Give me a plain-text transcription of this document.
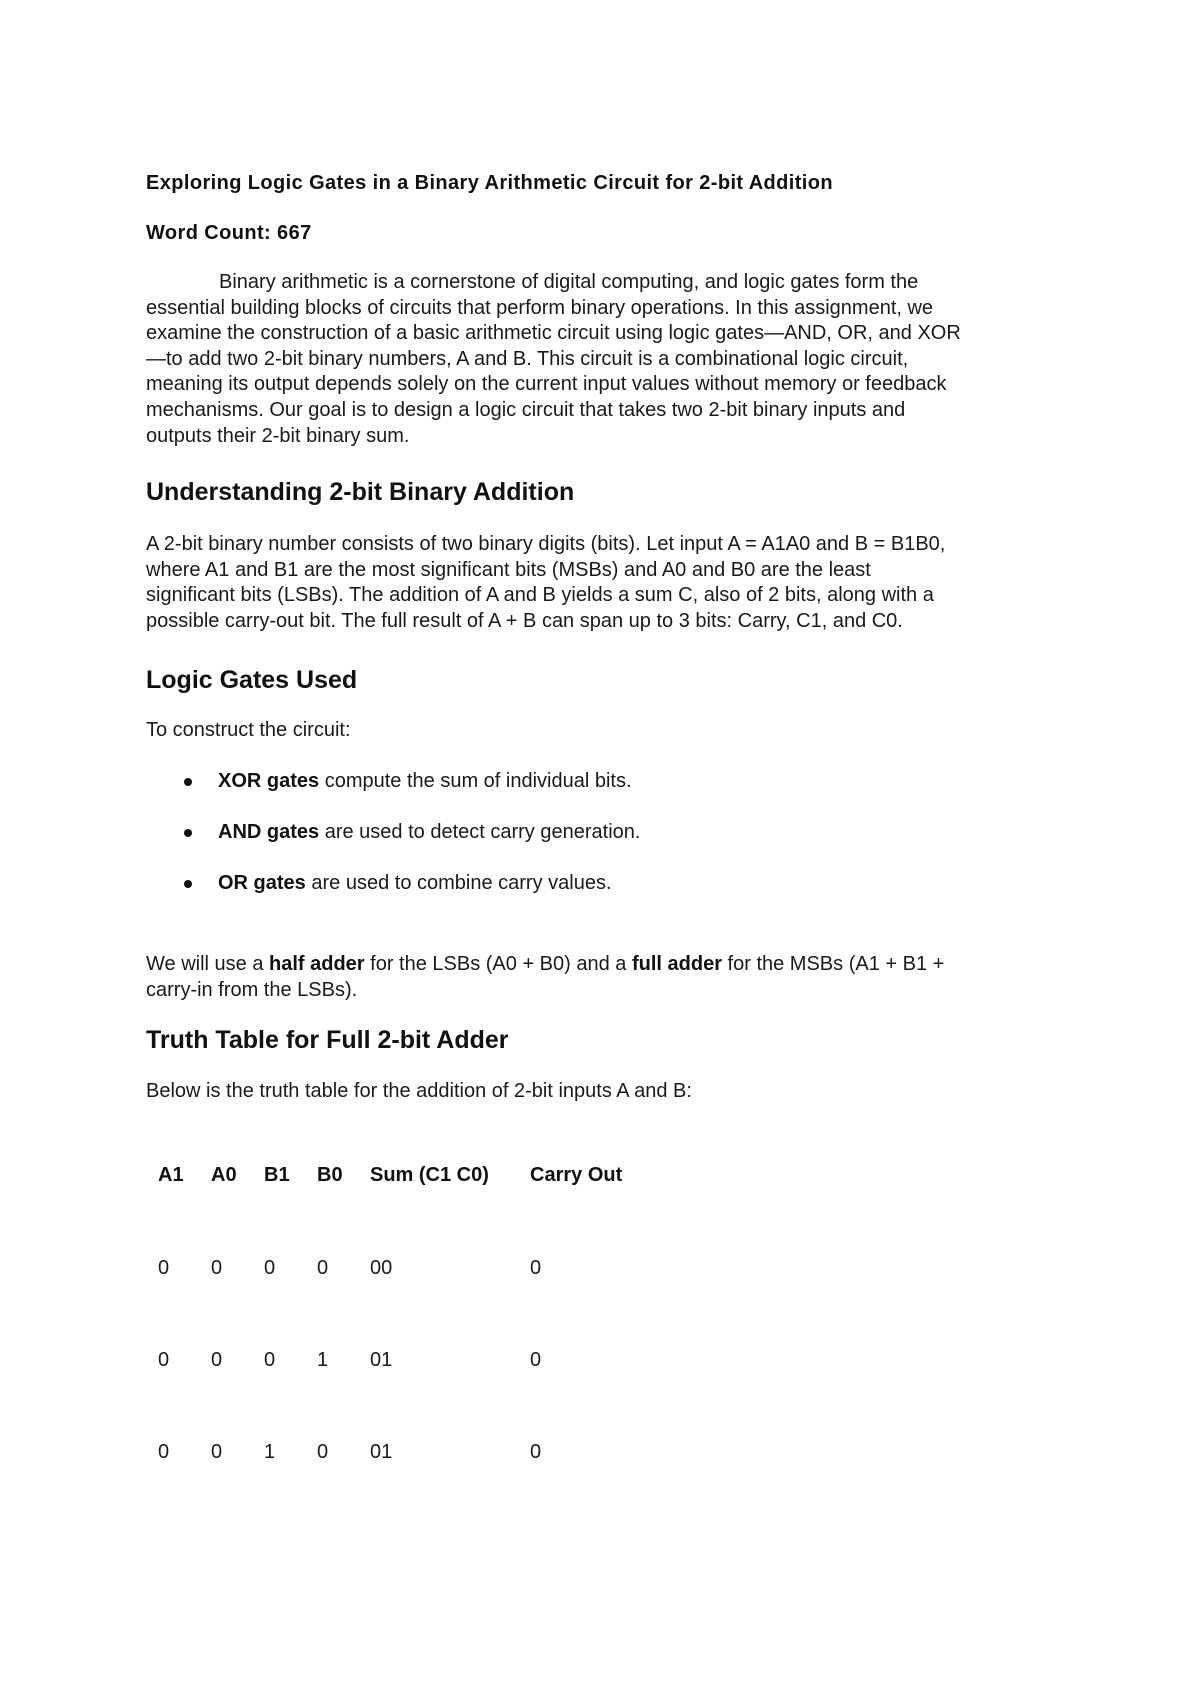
Exploring Logic Gates in a Binary Arithmetic Circuit for 2-bit Addition
Word Count: 667
Binary arithmetic is a cornerstone of digital computing, and logic gates form the
essential building blocks of circuits that perform binary operations. In this assignment, we
examine the construction of a basic arithmetic circuit using logic gates—AND, OR, and XOR
—to add two 2-bit binary numbers, A and B. This circuit is a combinational logic circuit,
meaning its output depends solely on the current input values without memory or feedback
mechanisms. Our goal is to design a logic circuit that takes two 2-bit binary inputs and
outputs their 2-bit binary sum.
Understanding 2-bit Binary Addition
A 2-bit binary number consists of two binary digits (bits). Let input A = A1A0 and B = B1B0,
where A1 and B1 are the most significant bits (MSBs) and A0 and B0 are the least
significant bits (LSBs). The addition of A and B yields a sum C, also of 2 bits, along with a
possible carry-out bit. The full result of A + B can span up to 3 bits: Carry, C1, and C0.
Logic Gates Used
To construct the circuit:
XOR gates compute the sum of individual bits.
AND gates are used to detect carry generation.
OR gates are used to combine carry values.
We will use a half adder for the LSBs (A0 + B0) and a full adder for the MSBs (A1 + B1 +
carry-in from the LSBs).
Truth Table for Full 2-bit Adder
Below is the truth table for the addition of 2-bit inputs A and B:
A1	A0	B1	B0	Sum (C1 C0)	Carry Out
0	0	0	0	00	0
0	0	0	1	01	0
0	0	1	0	01	0
